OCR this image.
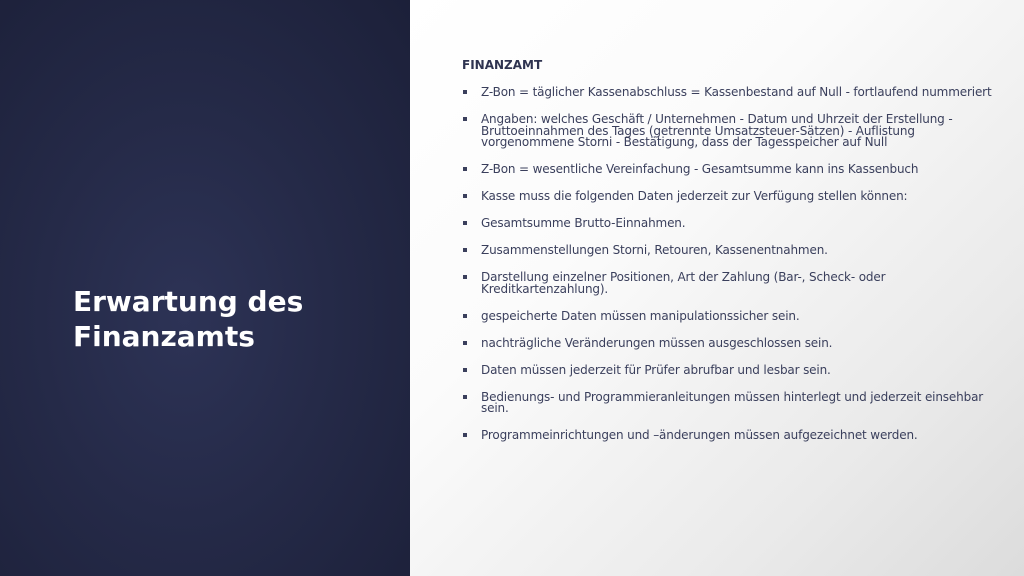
Erwartung des Finanzamts
FINANZAMT
Z-Bon = täglicher Kassenabschluss = Kassenbestand auf Null - fortlaufend nummeriert
Angaben: welches Geschäft / Unternehmen - Datum und Uhrzeit der Erstellung - Bruttoeinnahmen des Tages (getrennte Umsatzsteuer-Sätzen) - Auflistung vorgenommene Storni - Bestätigung, dass der Tagesspeicher auf Null
Z-Bon = wesentliche Vereinfachung - Gesamtsumme kann ins Kassenbuch
Kasse muss die folgenden Daten jederzeit zur Verfügung stellen können:
Gesamtsumme Brutto-Einnahmen.
Zusammenstellungen Storni, Retouren, Kassenentnahmen.
Darstellung einzelner Positionen, Art der Zahlung (Bar-, Scheck- oder Kreditkartenzahlung).
gespeicherte Daten müssen manipulationssicher sein.
nachträgliche Veränderungen müssen ausgeschlossen sein.
Daten müssen jederzeit für Prüfer abrufbar und lesbar sein.
Bedienungs- und Programmieranleitungen müssen hinterlegt und jederzeit einsehbar sein.
Programmeinrichtungen und –änderungen müssen aufgezeichnet werden.
